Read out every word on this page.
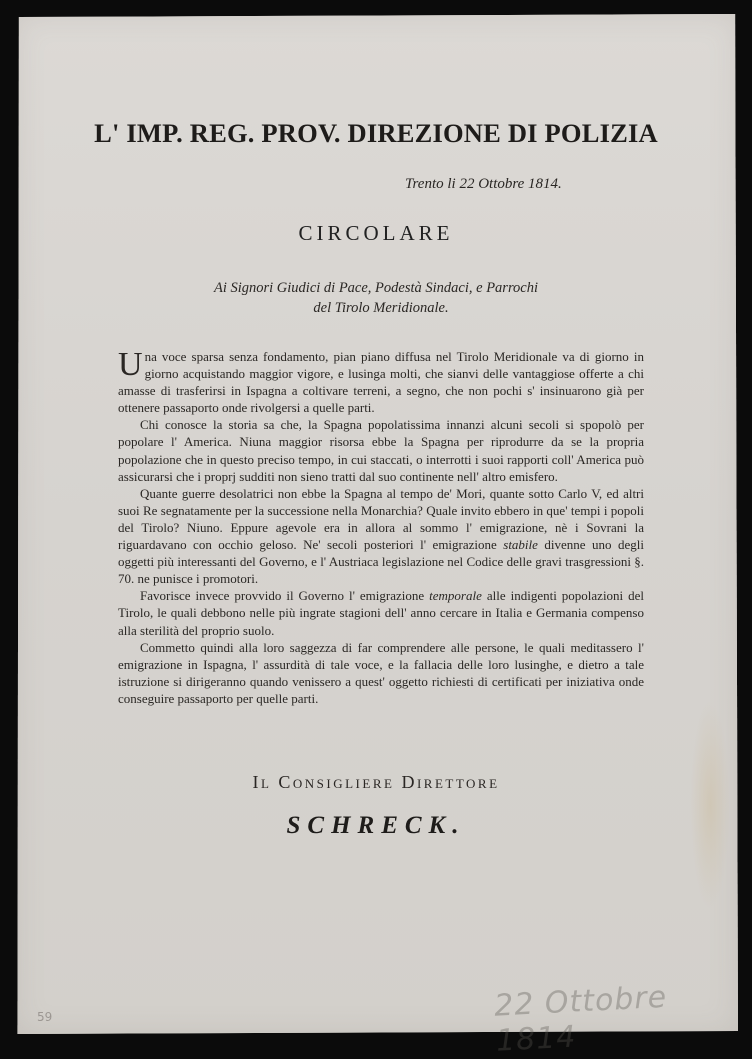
L' IMP. REG. PROV. DIREZIONE DI POLIZIA
Trento li 22 Ottobre 1814.
CIRCOLARE
Ai Signori Giudici di Pace, Podestà Sindaci, e Parrochi
del Tirolo Meridionale.

Una voce sparsa senza fondamento, pian piano diffusa nel Tirolo Meridionale va di giorno in giorno acquistando maggior vigore, e lusinga molti, che sianvi delle vantaggiose offerte a chi amasse di trasferirsi in Ispagna a coltivare terreni, a segno, che non pochi s' insinuarono già per ottenere passaporto onde rivolgersi a quelle parti.

Chi conosce la storia sa che, la Spagna popolatissima innanzi alcuni secoli si spopolò per popolare l' America. Niuna maggior risorsa ebbe la Spagna per riprodurre da se la propria popolazione che in questo preciso tempo, in cui staccati, o interrotti i suoi rapporti coll' America può assicurarsi che i proprj sudditi non sieno tratti dal suo continente nell' altro emisfero.

Quante guerre desolatrici non ebbe la Spagna al tempo de' Mori, quante sotto Carlo V, ed altri suoi Re segnatamente per la successione nella Monarchia? Quale invito ebbero in que' tempi i popoli del Tirolo? Niuno. Eppure agevole era in allora al sommo l' emigrazione, nè i Sovrani la riguardavano con occhio geloso. Ne' secoli posteriori l' emigrazione stabile divenne uno degli oggetti più interessanti del Governo, e l' Austriaca legislazione nel Codice delle gravi trasgressioni §. 70. ne punisce i promotori.

Favorisce invece provvido il Governo l' emigrazione temporale alle indigenti popolazioni del Tirolo, le quali debbono nelle più ingrate stagioni dell' anno cercare in Italia e Germania compenso alla sterilità del proprio suolo.

Commetto quindi alla loro saggezza di far comprendere alle persone, le quali meditassero l' emigrazione in Ispagna, l' assurdità di tale voce, e la fallacia delle loro lusinghe, e dietro a tale istruzione si dirigeranno quando venissero a quest' oggetto richiesti di certificati per iniziativa onde conseguire passaporto per quelle parti.

Il Consigliere Direttore
SCHRECK.
22 Ottobre 1814
59
